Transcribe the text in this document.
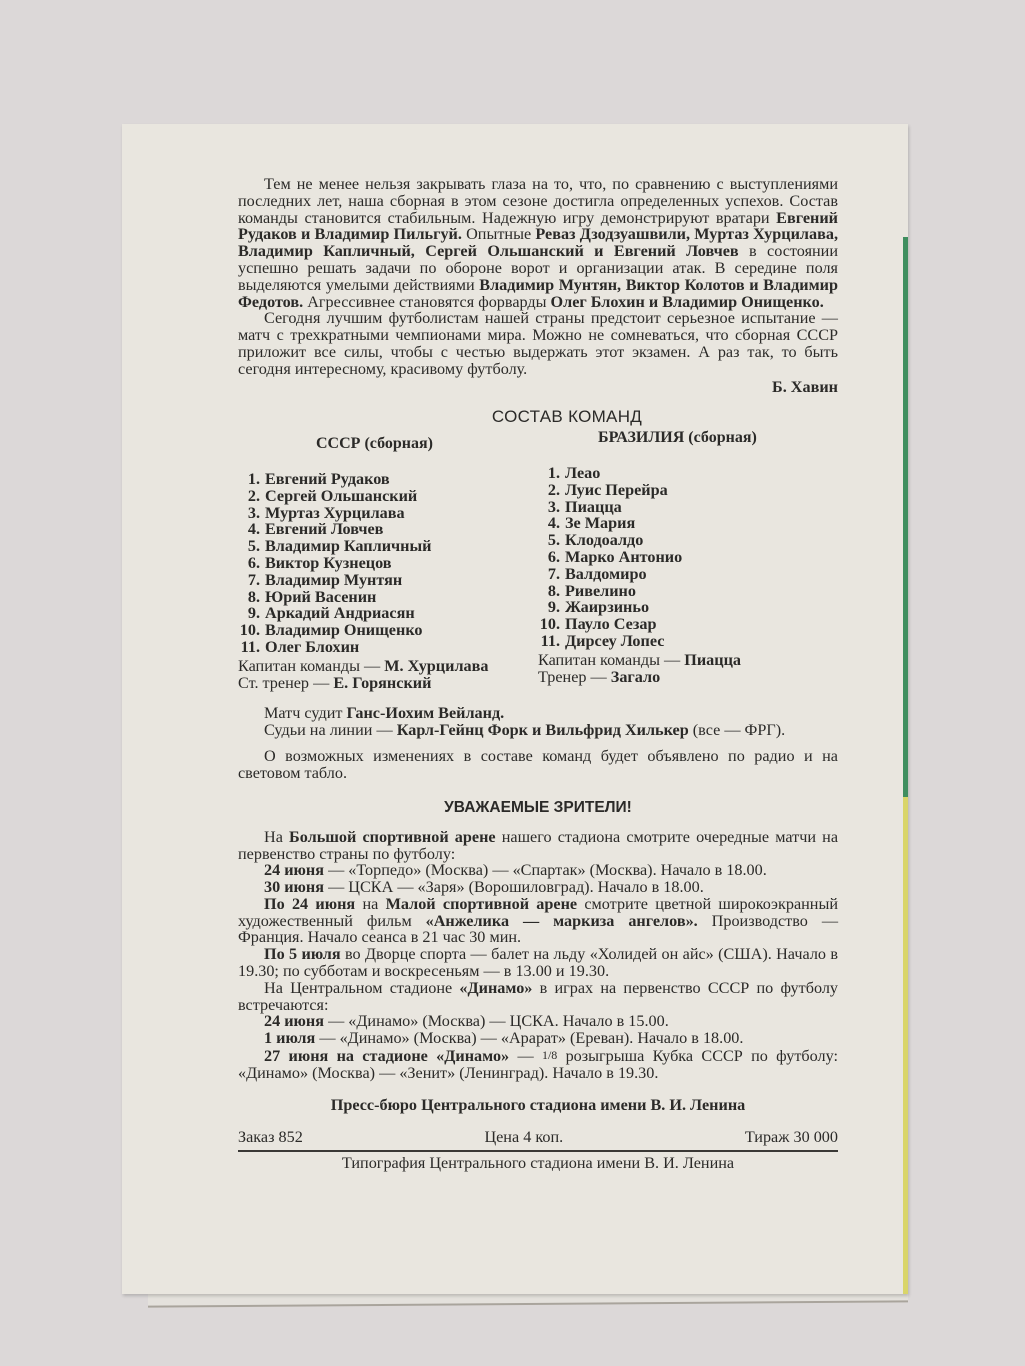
Тем не менее нельзя закрывать глаза на то, что, по сравнению с выступлениями последних лет, наша сборная в этом сезоне достигла определенных успехов. Состав команды становится стабильным. Надежную игру демонстрируют вратари Евгений Рудаков и Владимир Пильгуй. Опытные Реваз Дзодзуашвили, Муртаз Хурцилава, Владимир Капличный, Сергей Ольшанский и Евгений Ловчев в состоянии успешно решать задачи по обороне ворот и организации атак. В середине поля выделяются умелыми действиями Владимир Мунтян, Виктор Колотов и Владимир Федотов. Агрессивнее становятся форварды Олег Блохин и Владимир Онищенко.

Сегодня лучшим футболистам нашей страны предстоит серьезное испытание — матч с трехкратными чемпионами мира. Можно не сомневаться, что сборная СССР приложит все силы, чтобы с честью выдержать этот экзамен. А раз так, то быть сегодня интересному, красивому футболу.

Б. Хавин
СОСТАВ КОМАНД
СССР (сборная)
1. Евгений Рудаков
2. Сергей Ольшанский
3. Муртаз Хурцилава
4. Евгений Ловчев
5. Владимир Капличный
6. Виктор Кузнецов
7. Владимир Мунтян
8. Юрий Васенин
9. Аркадий Андриасян
10. Владимир Онищенко
11. Олег Блохин
Капитан команды — М. Хурцилава
Ст. тренер — Е. Горянский
БРАЗИЛИЯ (сборная)
1. Леао
2. Луис Перейра
3. Пиацца
4. Зе Мария
5. Клодоалдо
6. Марко Антонио
7. Валдомиро
8. Ривелино
9. Жаирзиньо
10. Пауло Сезар
11. Дирсеу Лопес
Капитан команды — Пиацца
Тренер — Загало

Матч судит Ганс-Иохим Вейланд.

Судьи на линии — Карл-Гейнц Форк и Вильфрид Хилькер (все — ФРГ).

О возможных изменениях в составе команд будет объявлено по радио и на световом табло.

УВАЖАЕМЫЕ ЗРИТЕЛИ!

На Большой спортивной арене нашего стадиона смотрите очередные матчи на первенство страны по футболу:

24 июня — «Торпедо» (Москва) — «Спартак» (Москва). Начало в 18.00.

30 июня — ЦСКА — «Заря» (Ворошиловград). Начало в 18.00.

По 24 июня на Малой спортивной арене смотрите цветной широкоэкранный художественный фильм «Анжелика — маркиза ангелов». Производство — Франция. Начало сеанса в 21 час 30 мин.

По 5 июля во Дворце спорта — балет на льду «Холидей он айс» (США). Начало в 19.30; по субботам и воскресеньям — в 13.00 и 19.30.

На Центральном стадионе «Динамо» в играх на первенство СССР по футболу встречаются:

24 июня — «Динамо» (Москва) — ЦСКА. Начало в 15.00.

1 июля — «Динамо» (Москва) — «Арарат» (Ереван). Начало в 18.00.

27 июня на стадионе «Динамо» — 1/8 розыгрыша Кубка СССР по футболу: «Динамо» (Москва) — «Зенит» (Ленинград). Начало в 19.30.

Пресс-бюро Центрального стадиона имени В. И. Ленина
Заказ 852	Цена 4 коп.	Тираж 30 000
Типография Центрального стадиона имени В. И. Ленина
